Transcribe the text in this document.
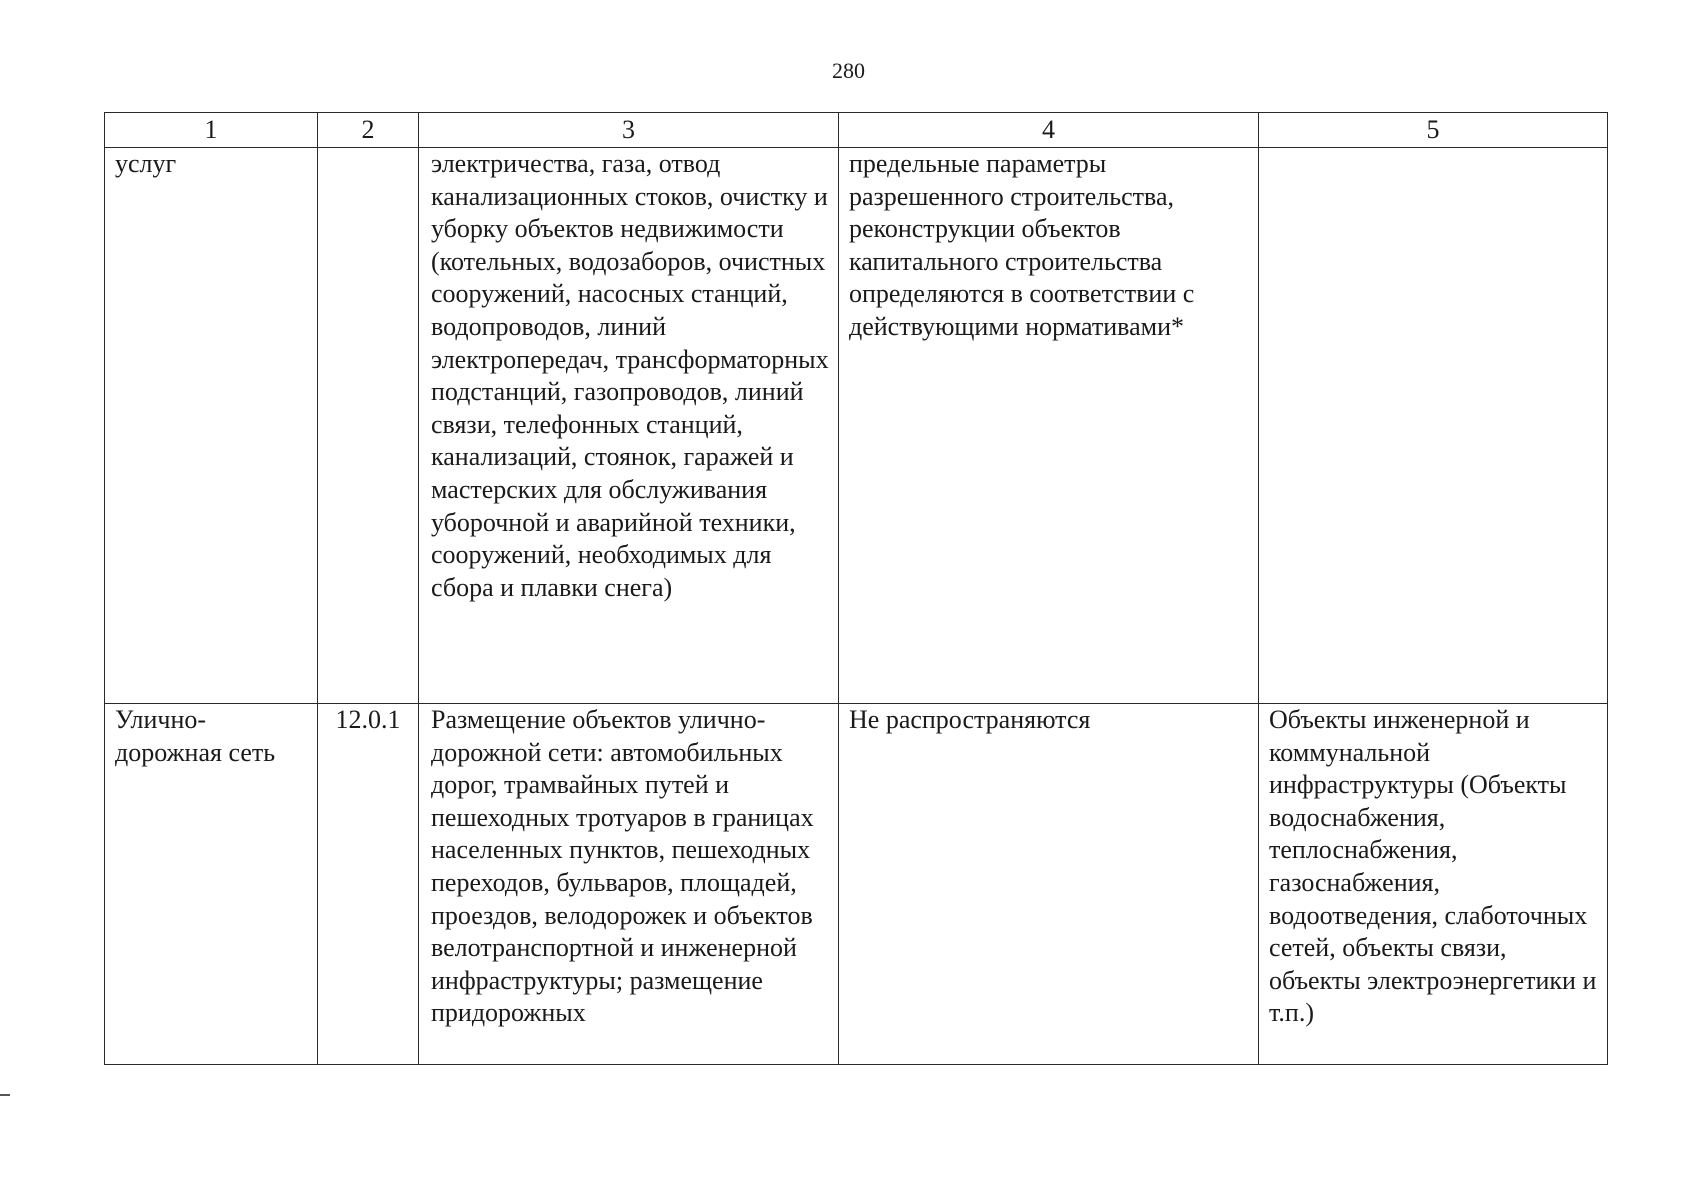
280
1	2	3	4	5
услуг		электричества, газа, отвод канализационных стоков, очистку и уборку объектов недвижимости (котельных, водозаборов, очистных сооружений, насосных станций, водопроводов, линий электропередач, трансформаторных подстанций, газопроводов, линий связи, телефонных станций, канализаций, стоянок, гаражей и мастерских для обслуживания уборочной и аварийной техники, сооружений, необходимых для сбора и плавки снега)	предельные параметры разрешенного строительства, реконструкции объектов капитального строительства определяются в соответствии с действующими нормативами*	
Улично-дорожная сеть	12.0.1	Размещение объектов улично-дорожной сети: автомобильных дорог, трамвайных путей и пешеходных тротуаров в границах населенных пунктов, пешеходных переходов, бульваров, площадей, проездов, велодорожек и объектов велотранспортной и инженерной инфраструктуры; размещение придорожных	Не распространяются	Объекты инженерной и коммунальной инфраструктуры (Объекты водоснабжения, теплоснабжения, газоснабжения, водоотведения, слаботочных сетей, объекты связи, объекты электроэнергетики и т.п.)
